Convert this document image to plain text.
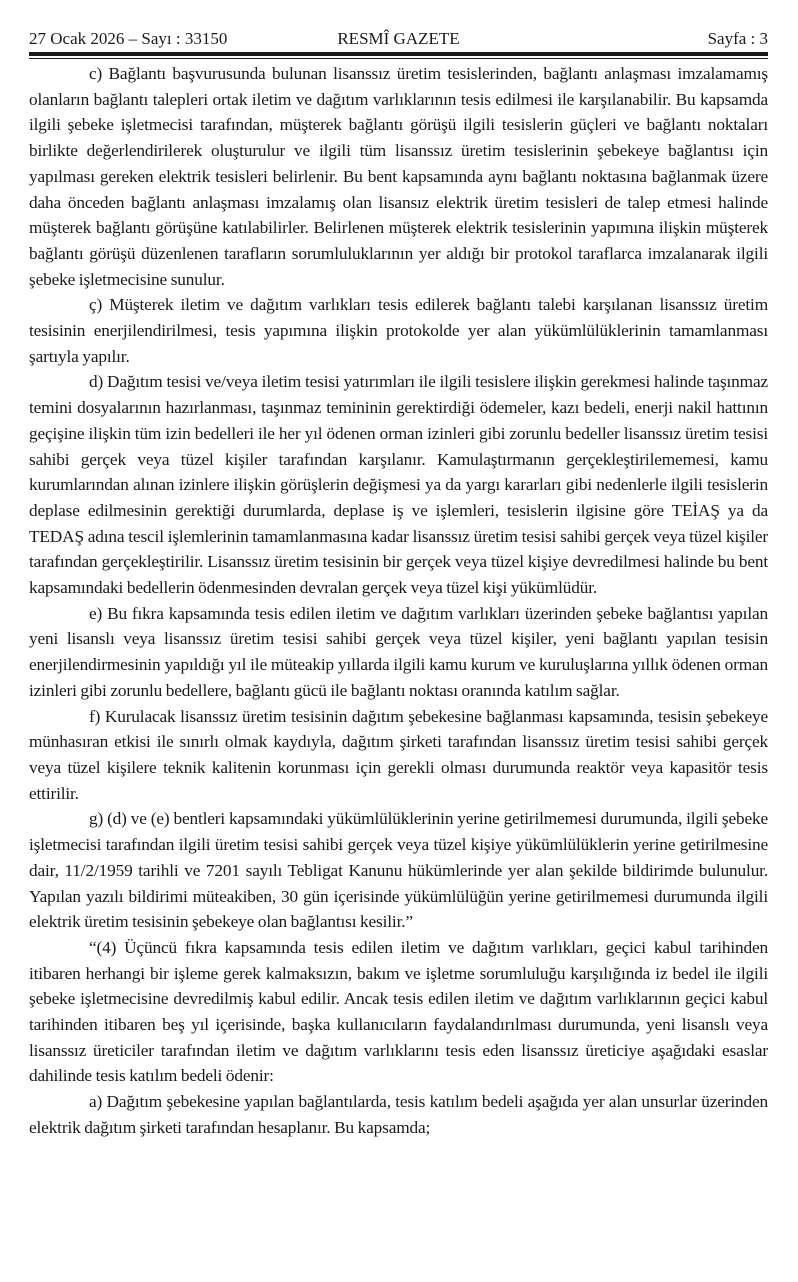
27 Ocak 2026 – Sayı : 33150	RESMÎ GAZETE	Sayfa : 3

c) Bağlantı başvurusunda bulunan lisanssız üretim tesislerinden, bağlantı anlaşması imzalamamış olanların bağlantı talepleri ortak iletim ve dağıtım varlıklarının tesis edilmesi ile karşılanabilir. Bu kapsamda ilgili şebeke işletmecisi tarafından, müşterek bağlantı görüşü ilgili tesislerin güçleri ve bağlantı noktaları birlikte değerlendirilerek oluşturulur ve ilgili tüm lisanssız üretim tesislerinin şebekeye bağlantısı için yapılması gereken elektrik tesisleri belirlenir. Bu bent kapsamında aynı bağlantı noktasına bağlanmak üzere daha önceden bağlantı anlaşması imzalamış olan lisansız elektrik üretim tesisleri de talep etmesi halinde müşterek bağlantı görüşüne katılabilirler. Belirlenen müşterek elektrik tesislerinin yapımına ilişkin müşterek bağlantı görüşü düzenlenen tarafların sorumluluklarının yer aldığı bir protokol taraflarca imzalanarak ilgili şebeke işletmecisine sunulur.

ç) Müşterek iletim ve dağıtım varlıkları tesis edilerek bağlantı talebi karşılanan lisanssız üretim tesisinin enerjilendirilmesi, tesis yapımına ilişkin protokolde yer alan yükümlülüklerinin tamamlanması şartıyla yapılır.

d) Dağıtım tesisi ve/veya iletim tesisi yatırımları ile ilgili tesislere ilişkin gerekmesi halinde taşınmaz temini dosyalarının hazırlanması, taşınmaz temininin gerektirdiği ödemeler, kazı bedeli, enerji nakil hattının geçişine ilişkin tüm izin bedelleri ile her yıl ödenen orman izinleri gibi zorunlu bedeller lisanssız üretim tesisi sahibi gerçek veya tüzel kişiler tarafından karşılanır. Kamulaştırmanın gerçekleştirilememesi, kamu kurumlarından alınan izinlere ilişkin görüşlerin değişmesi ya da yargı kararları gibi nedenlerle ilgili tesislerin deplase edilmesinin gerektiği durumlarda, deplase iş ve işlemleri, tesislerin ilgisine göre TEİAŞ ya da TEDAŞ adına tescil işlemlerinin tamamlanmasına kadar lisanssız üretim tesisi sahibi gerçek veya tüzel kişiler tarafından gerçekleştirilir. Lisanssız üretim tesisinin bir gerçek veya tüzel kişiye devredilmesi halinde bu bent kapsamındaki bedellerin ödenmesinden devralan gerçek veya tüzel kişi yükümlüdür.

e) Bu fıkra kapsamında tesis edilen iletim ve dağıtım varlıkları üzerinden şebeke bağlantısı yapılan yeni lisanslı veya lisanssız üretim tesisi sahibi gerçek veya tüzel kişiler, yeni bağlantı yapılan tesisin enerjilendirmesinin yapıldığı yıl ile müteakip yıllarda ilgili kamu kurum ve kuruluşlarına yıllık ödenen orman izinleri gibi zorunlu bedellere, bağlantı gücü ile bağlantı noktası oranında katılım sağlar.

f) Kurulacak lisanssız üretim tesisinin dağıtım şebekesine bağlanması kapsamında, tesisin şebekeye münhasıran etkisi ile sınırlı olmak kaydıyla, dağıtım şirketi tarafından lisanssız üretim tesisi sahibi gerçek veya tüzel kişilere teknik kalitenin korunması için gerekli olması durumunda reaktör veya kapasitör tesis ettirilir.

g) (d) ve (e) bentleri kapsamındaki yükümlülüklerinin yerine getirilmemesi durumunda, ilgili şebeke işletmecisi tarafından ilgili üretim tesisi sahibi gerçek veya tüzel kişiye yükümlülüklerin yerine getirilmesine dair, 11/2/1959 tarihli ve 7201 sayılı Tebligat Kanunu hükümlerinde yer alan şekilde bildirimde bulunulur. Yapılan yazılı bildirimi müteakiben, 30 gün içerisinde yükümlülüğün yerine getirilmemesi durumunda ilgili elektrik üretim tesisinin şebekeye olan bağlantısı kesilir.”

“(4) Üçüncü fıkra kapsamında tesis edilen iletim ve dağıtım varlıkları, geçici kabul tarihinden itibaren herhangi bir işleme gerek kalmaksızın, bakım ve işletme sorumluluğu karşılığında iz bedel ile ilgili şebeke işletmecisine devredilmiş kabul edilir. Ancak tesis edilen iletim ve dağıtım varlıklarının geçici kabul tarihinden itibaren beş yıl içerisinde, başka kullanıcıların faydalandırılması durumunda, yeni lisanslı veya lisanssız üreticiler tarafından iletim ve dağıtım varlıklarını tesis eden lisanssız üreticiye aşağıdaki esaslar dahilinde tesis katılım bedeli ödenir:

a) Dağıtım şebekesine yapılan bağlantılarda, tesis katılım bedeli aşağıda yer alan unsurlar üzerinden elektrik dağıtım şirketi tarafından hesaplanır. Bu kapsamda;
